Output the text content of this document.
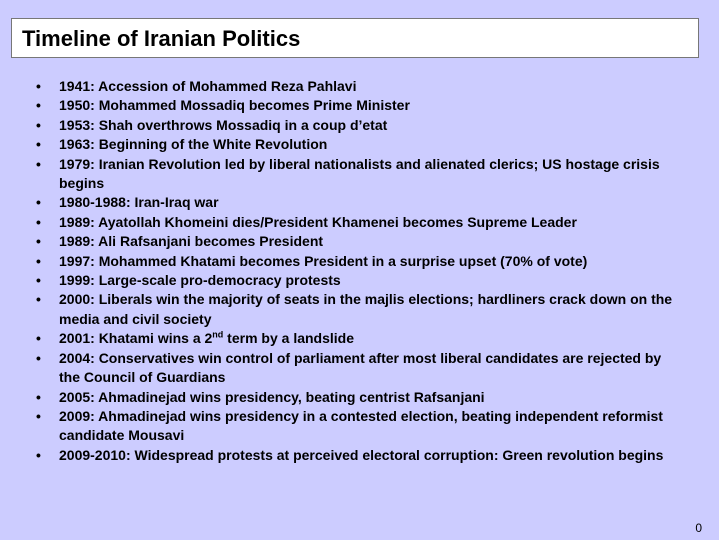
Timeline of Iranian Politics
• 1941: Accession of Mohammed Reza Pahlavi
• 1950: Mohammed Mossadiq becomes Prime Minister
• 1953: Shah overthrows Mossadiq in a coup d’etat
• 1963: Beginning of the White Revolution
• 1979: Iranian Revolution led by liberal nationalists and alienated clerics; US hostage crisis begins
• 1980-1988: Iran-Iraq war
• 1989: Ayatollah Khomeini dies/President Khamenei becomes Supreme Leader
• 1989: Ali Rafsanjani becomes President
• 1997: Mohammed Khatami becomes President in a surprise upset (70% of vote)
• 1999: Large-scale pro-democracy protests
• 2000: Liberals win the majority of seats in the majlis elections; hardliners crack down on the media and civil society
• 2001: Khatami wins a 2nd term by a landslide
• 2004: Conservatives win control of parliament after most liberal candidates are rejected by the Council of Guardians
• 2005: Ahmadinejad wins presidency, beating centrist Rafsanjani
• 2009: Ahmadinejad wins presidency in a contested election, beating independent reformist candidate Mousavi
• 2009-2010: Widespread protests at perceived electoral corruption: Green revolution begins
0
